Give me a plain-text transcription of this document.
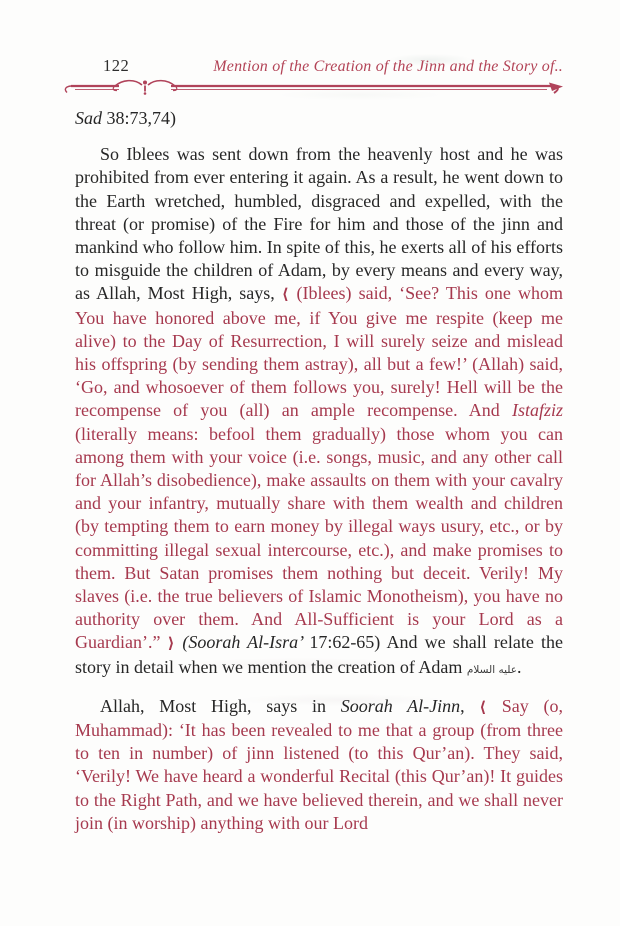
122	Mention of the Creation of the Jinn and the Story of..

Sad 38:73,74)

So Iblees was sent down from the heavenly host and he was prohibited from ever entering it again. As a result, he went down to the Earth wretched, humbled, disgraced and expelled, with the threat (or promise) of the Fire for him and those of the jinn and mankind who follow him. In spite of this, he exerts all of his efforts to misguide the children of Adam, by every means and every way, as Allah, Most High, says, ⟨ (Iblees) said, ‘See? This one whom You have honored above me, if You give me respite (keep me alive) to the Day of Resurrection, I will surely seize and mislead his offspring (by sending them astray), all but a few!’ (Allah) said, ‘Go, and whosoever of them follows you, surely! Hell will be the recompense of you (all) an ample recompense. And Istafziz (literally means: befool them gradually) those whom you can among them with your voice (i.e. songs, music, and any other call for Allah’s disobedience), make assaults on them with your cavalry and your infantry, mutually share with them wealth and children (by tempting them to earn money by illegal ways usury, etc., or by committing illegal sexual intercourse, etc.), and make promises to them. But Satan promises them nothing but deceit. Verily! My slaves (i.e. the true believers of Islamic Monotheism), you have no authority over them. And All-Sufficient is your Lord as a Guardian’.” ⟩ (Soorah Al-Isra’ 17:62-65) And we shall relate the story in detail when we mention the creation of Adam عليه السلام.

Allah, Most High, says in Soorah Al-Jinn, ⟨ Say (o, Muhammad): ‘It has been revealed to me that a group (from three to ten in number) of jinn listened (to this Qur’an). They said, ‘Verily! We have heard a wonderful Recital (this Qur’an)! It guides to the Right Path, and we have believed therein, and we shall never join (in worship) anything with our Lord
